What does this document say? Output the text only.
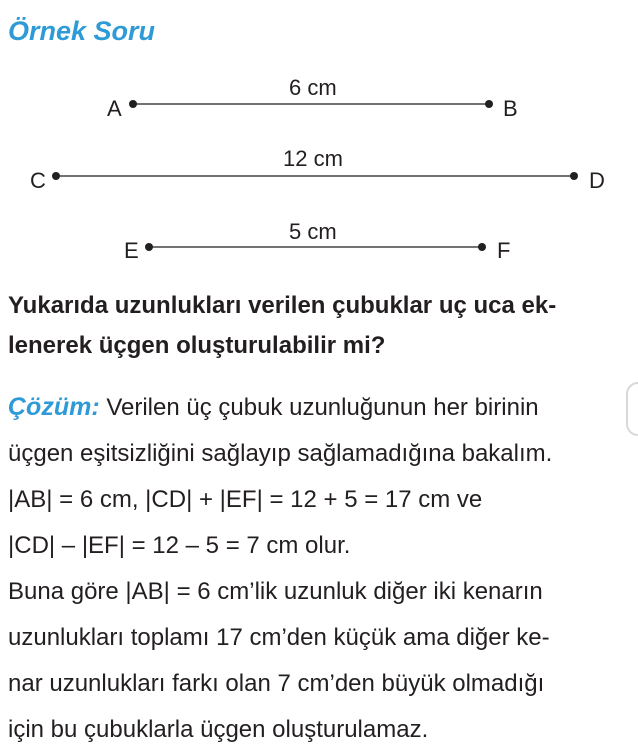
Örnek Soru
A	B
6 cm
C	D
12 cm
E	F
5 cm

Yukarıda uzunlukları verilen çubuklar uç uca ek-
lenerek üçgen oluşturulabilir mi?

Çözüm: Verilen üç çubuk uzunluğunun her birinin
üçgen eşitsizliğini sağlayıp sağlamadığına bakalım.
|AB| = 6 cm, |CD| + |EF| = 12 + 5 = 17 cm ve
|CD| – |EF| = 12 – 5 = 7 cm olur.
Buna göre |AB| = 6 cm’lik uzunluk diğer iki kenarın
uzunlukları toplamı 17 cm’den küçük ama diğer ke-
nar uzunlukları farkı olan 7 cm’den büyük olmadığı
için bu çubuklarla üçgen oluşturulamaz.
